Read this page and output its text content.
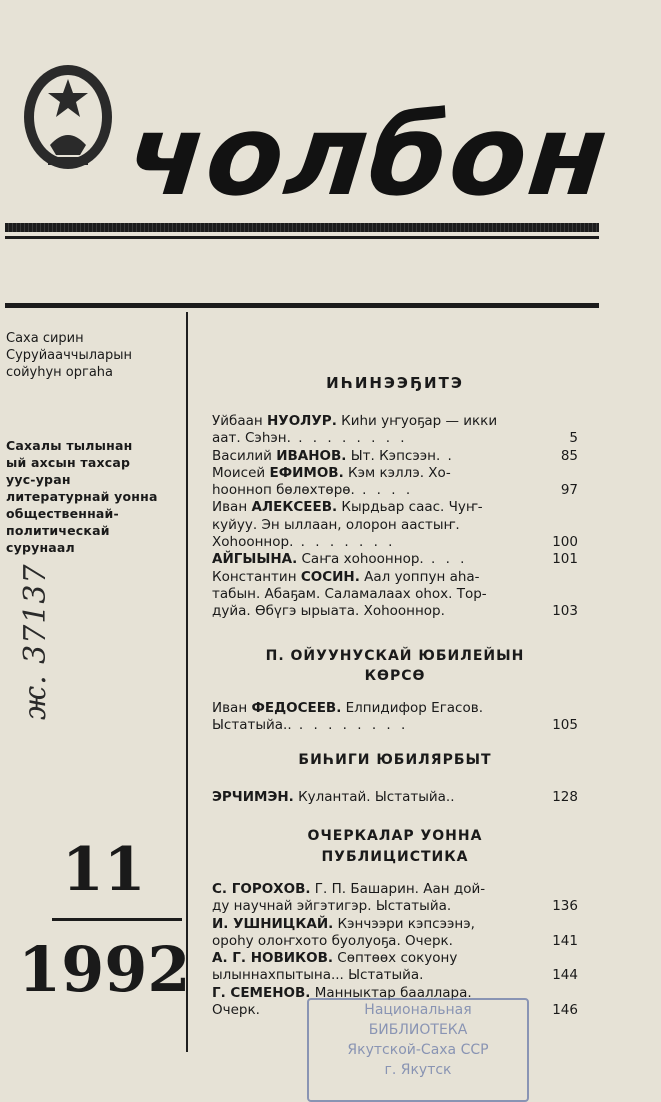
чолбон
Саха сирин
Суруйааччыларын
сойуһун оргаһа
Сахалы тылынан
ый ахсын тахсар
уус-уран
литературнай уонна
общественнай-
политическай
сурунаал
ж. 37137
11
1992
ИҺИНЭЭҔИТЭ
Уйбаан НУОЛУР. Киһи уҥуоҕар — икки
аат. Сэһэн. . . . . . . . .	5
Василий ИВАНОВ. Ыт. Кэпсээн. .	85
Моисей ЕФИМОВ. Кэм кэллэ. Хо-
һоонноп бөлөхтөрө. . . . .	97
Иван АЛЕКСЕЕВ. Кырдьар саас. Чуҥ-
куйуу. Эн ыллаан, олорон аастыҥ.
Хоһооннор. . . . . . . .	100
АЙГЫЫНА. Саҥа хоһооннор. . . .	101
Константин СОСИН. Аал уоппун аһа-
табын. Абаҕам. Саламалаах оһох. Тор-
дуйа. Өбүгэ ырыата. Хоһооннор.	103
П. ОЙУУНУСКАЙ ЮБИЛЕЙЫН
КӨРСӨ
Иван ФЕДОСЕЕВ. Елпидифор Егасов.
Ыстатыйа.. . . . . . . . .	105
БИҺИГИ ЮБИЛЯРБЫТ
ЭРЧИМЭН. Кулантай. Ыстатыйа..	128
ОЧЕРКАЛАР УОННА
ПУБЛИЦИСТИКА
С. ГОРОХОВ. Г. П. Башарин. Аан дой-
ду научнай эйгэтигэр. Ыстатыйа.	136
И. УШНИЦКАЙ. Кэнчээри кэпсээнэ,
ороһу олоҥхото буолуоҕа. Очерк.	141
А. Г. НОВИКОВ. Сөптөөх сокуону
ылыннахпытына... Ыстатыйа.	144
Г. СЕМЕНОВ. Манныктар баалларa.
Очерк.	146
Национальная
БИБЛИОТЕКА
Якутской-Саха ССР
г. Якутск
